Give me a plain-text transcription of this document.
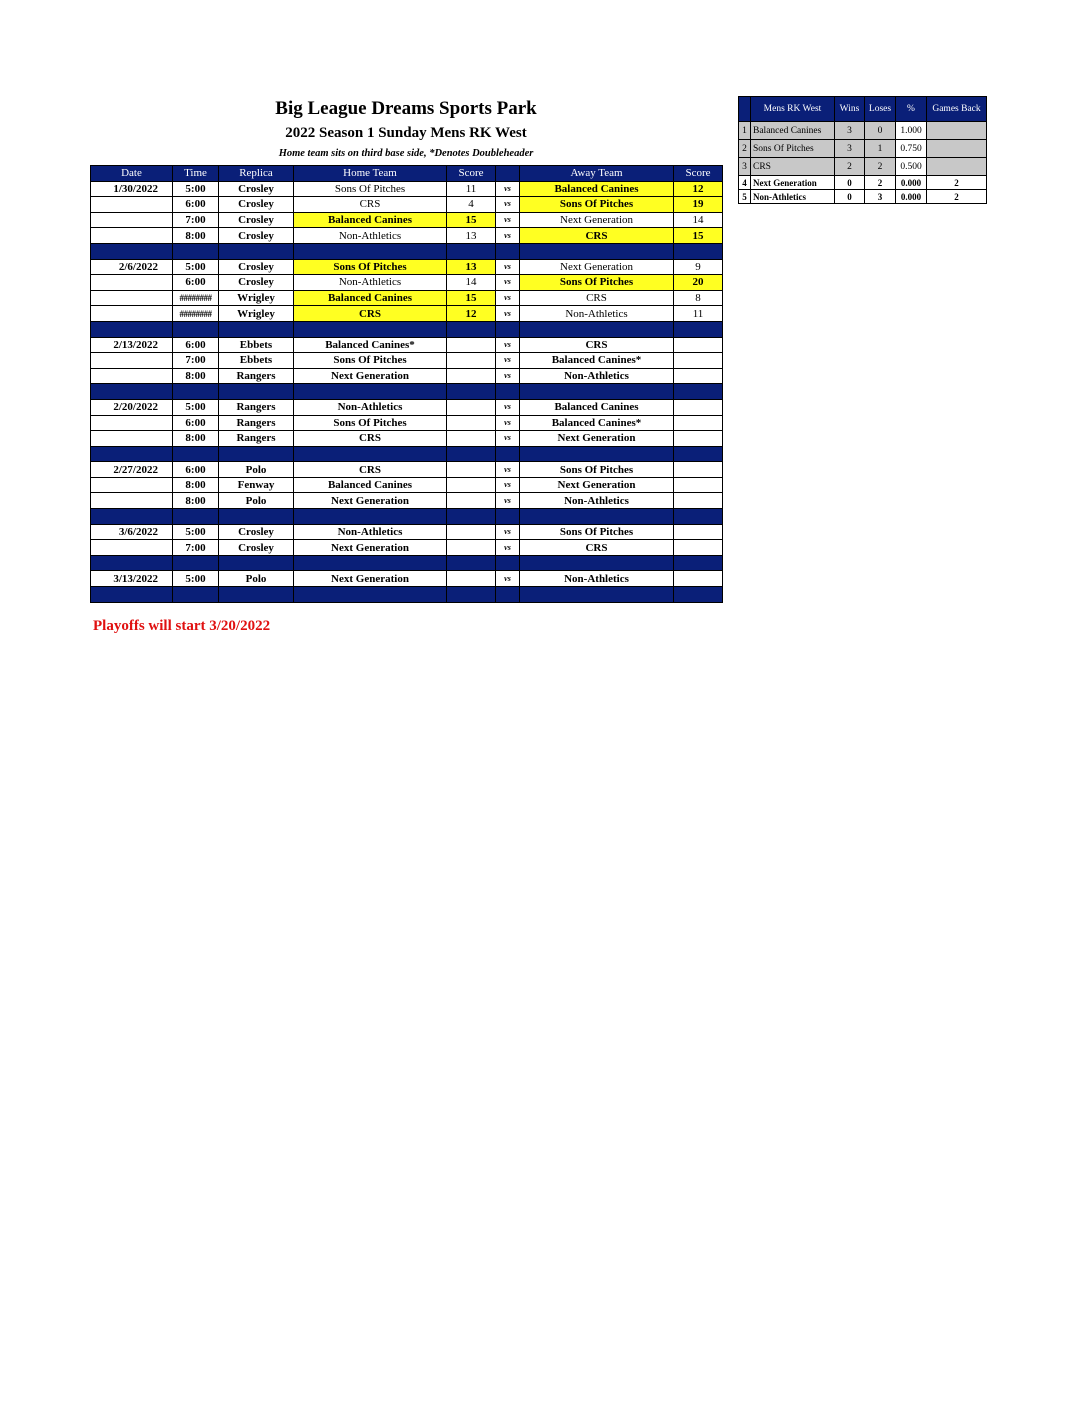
Big League Dreams Sports Park
2022 Season 1 Sunday Mens RK West
Home team sits on third base side, *Denotes Doubleheader
Date	Time	Replica	Home Team	Score		Away Team	Score
1/30/2022	5:00	Crosley	Sons Of Pitches	11	vs	Balanced Canines	12
	6:00	Crosley	CRS	4	vs	Sons Of Pitches	19
	7:00	Crosley	Balanced Canines	15	vs	Next Generation	14
	8:00	Crosley	Non-Athletics	13	vs	CRS	15

2/6/2022	5:00	Crosley	Sons Of Pitches	13	vs	Next Generation	9
	6:00	Crosley	Non-Athletics	14	vs	Sons Of Pitches	20
	########	Wrigley	Balanced Canines	15	vs	CRS	8
	########	Wrigley	CRS	12	vs	Non-Athletics	11

2/13/2022	6:00	Ebbets	Balanced Canines*		vs	CRS	
	7:00	Ebbets	Sons Of Pitches		vs	Balanced Canines*	
	8:00	Rangers	Next Generation		vs	Non-Athletics	

2/20/2022	5:00	Rangers	Non-Athletics		vs	Balanced Canines	
	6:00	Rangers	Sons Of Pitches		vs	Balanced Canines*	
	8:00	Rangers	CRS		vs	Next Generation	

2/27/2022	6:00	Polo	CRS		vs	Sons Of Pitches	
	8:00	Fenway	Balanced Canines		vs	Next Generation	
	8:00	Polo	Next Generation		vs	Non-Athletics	

3/6/2022	5:00	Crosley	Non-Athletics		vs	Sons Of Pitches	
	7:00	Crosley	Next Generation		vs	CRS	

3/13/2022	5:00	Polo	Next Generation		vs	Non-Athletics	

	Mens RK West	Wins	Loses	%	Games Back
1	Balanced Canines	3	0	1.000	
2	Sons Of Pitches	3	1	0.750	
3	CRS	2	2	0.500	
4	Next Generation	0	2	0.000	2
5	Non-Athletics	0	3	0.000	2
Playoffs will start 3/20/2022
